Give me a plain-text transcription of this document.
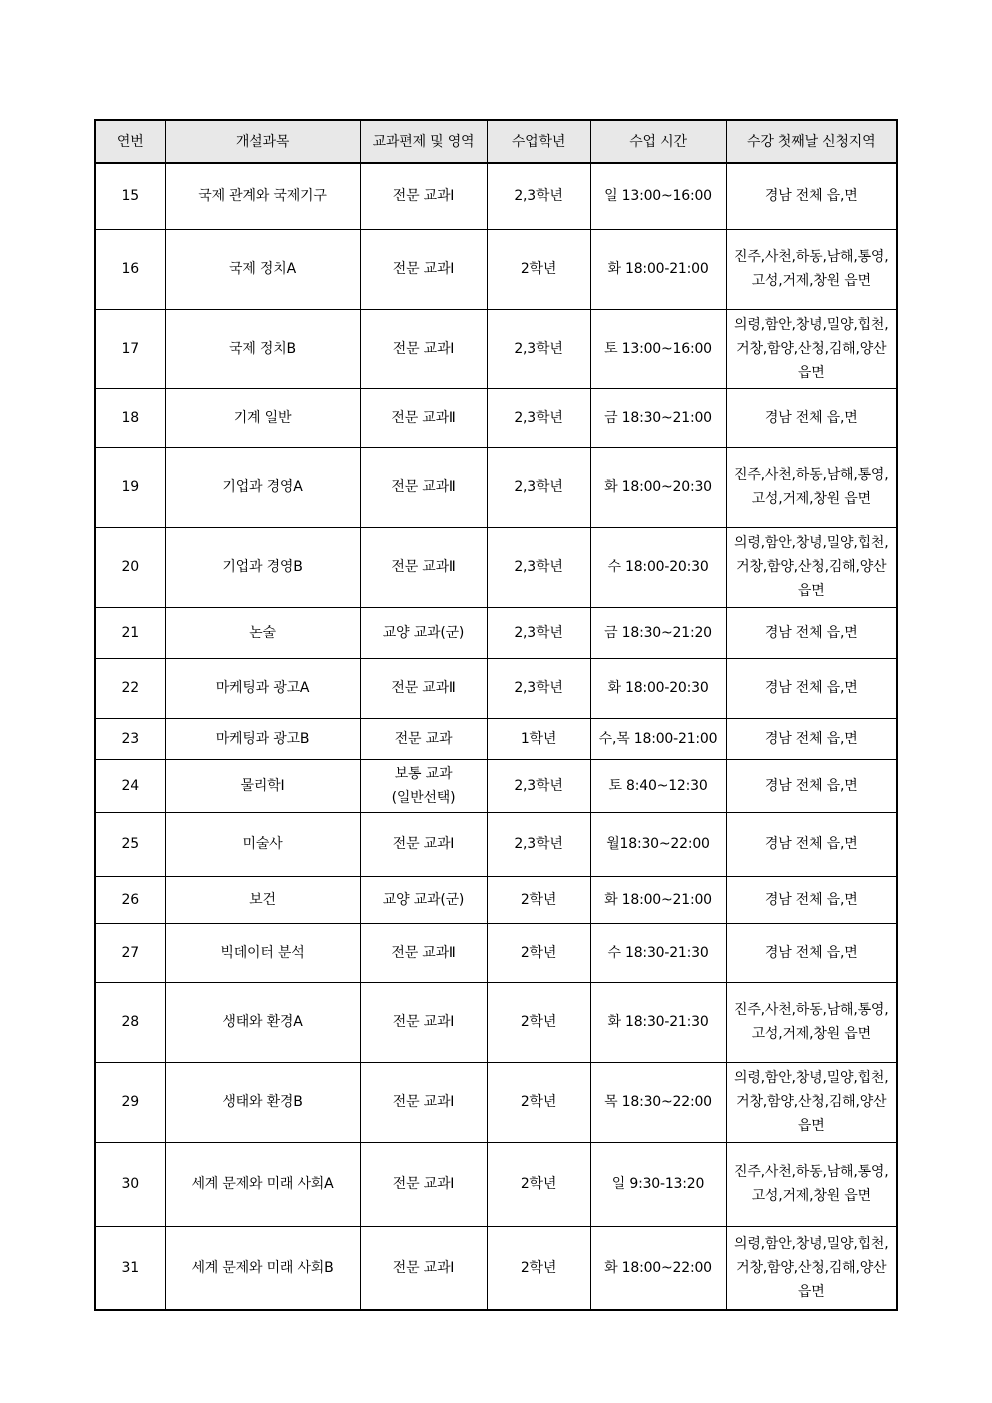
연번	개설과목	교과편제 및 영역	수업학년	수업 시간	수강 첫째날 신청지역
15	국제 관계와 국제기구	전문 교과Ⅰ	2,3학년	일 13:00~16:00	경남 전체 읍,면
16	국제 정치A	전문 교과Ⅰ	2학년	화 18:00-21:00	진주,사천,하동,남해,통영,
고성,거제,창원 읍면
17	국제 정치B	전문 교과Ⅰ	2,3학년	토 13:00~16:00	의령,함안,창녕,밀양,힙천,
거창,함양,산청,김해,양산
읍면
18	기계 일반	전문 교과Ⅱ	2,3학년	금 18:30~21:00	경남 전체 읍,면
19	기업과 경영A	전문 교과Ⅱ	2,3학년	화 18:00~20:30	진주,사천,하동,남해,통영,
고성,거제,창원 읍면
20	기업과 경영B	전문 교과Ⅱ	2,3학년	수 18:00-20:30	의령,함안,창녕,밀양,힙천,
거창,함양,산청,김해,양산
읍면
21	논술	교양 교과(군)	2,3학년	금 18:30~21:20	경남 전체 읍,면
22	마케팅과 광고A	전문 교과Ⅱ	2,3학년	화 18:00-20:30	경남 전체 읍,면
23	마케팅과 광고B	전문 교과	1학년	수,목 18:00-21:00	경남 전체 읍,면
24	물리학Ⅰ	보통 교과
(일반선택)	2,3학년	토 8:40~12:30	경남 전체 읍,면
25	미술사	전문 교과Ⅰ	2,3학년	월18:30~22:00	경남 전체 읍,면
26	보건	교양 교과(군)	2학년	화 18:00~21:00	경남 전체 읍,면
27	빅데이터 분석	전문 교과Ⅱ	2학년	수 18:30-21:30	경남 전체 읍,면
28	생태와 환경A	전문 교과Ⅰ	2학년	화 18:30-21:30	진주,사천,하동,남해,통영,
고성,거제,창원 읍면
29	생태와 환경B	전문 교과Ⅰ	2학년	목 18:30~22:00	의령,함안,창녕,밀양,힙천,
거창,함양,산청,김해,양산
읍면
30	세계 문제와 미래 사회A	전문 교과Ⅰ	2학년	일 9:30-13:20	진주,사천,하동,남해,통영,
고성,거제,창원 읍면
31	세계 문제와 미래 사회B	전문 교과Ⅰ	2학년	화 18:00~22:00	의령,함안,창녕,밀양,힙천,
거창,함양,산청,김해,양산
읍면
